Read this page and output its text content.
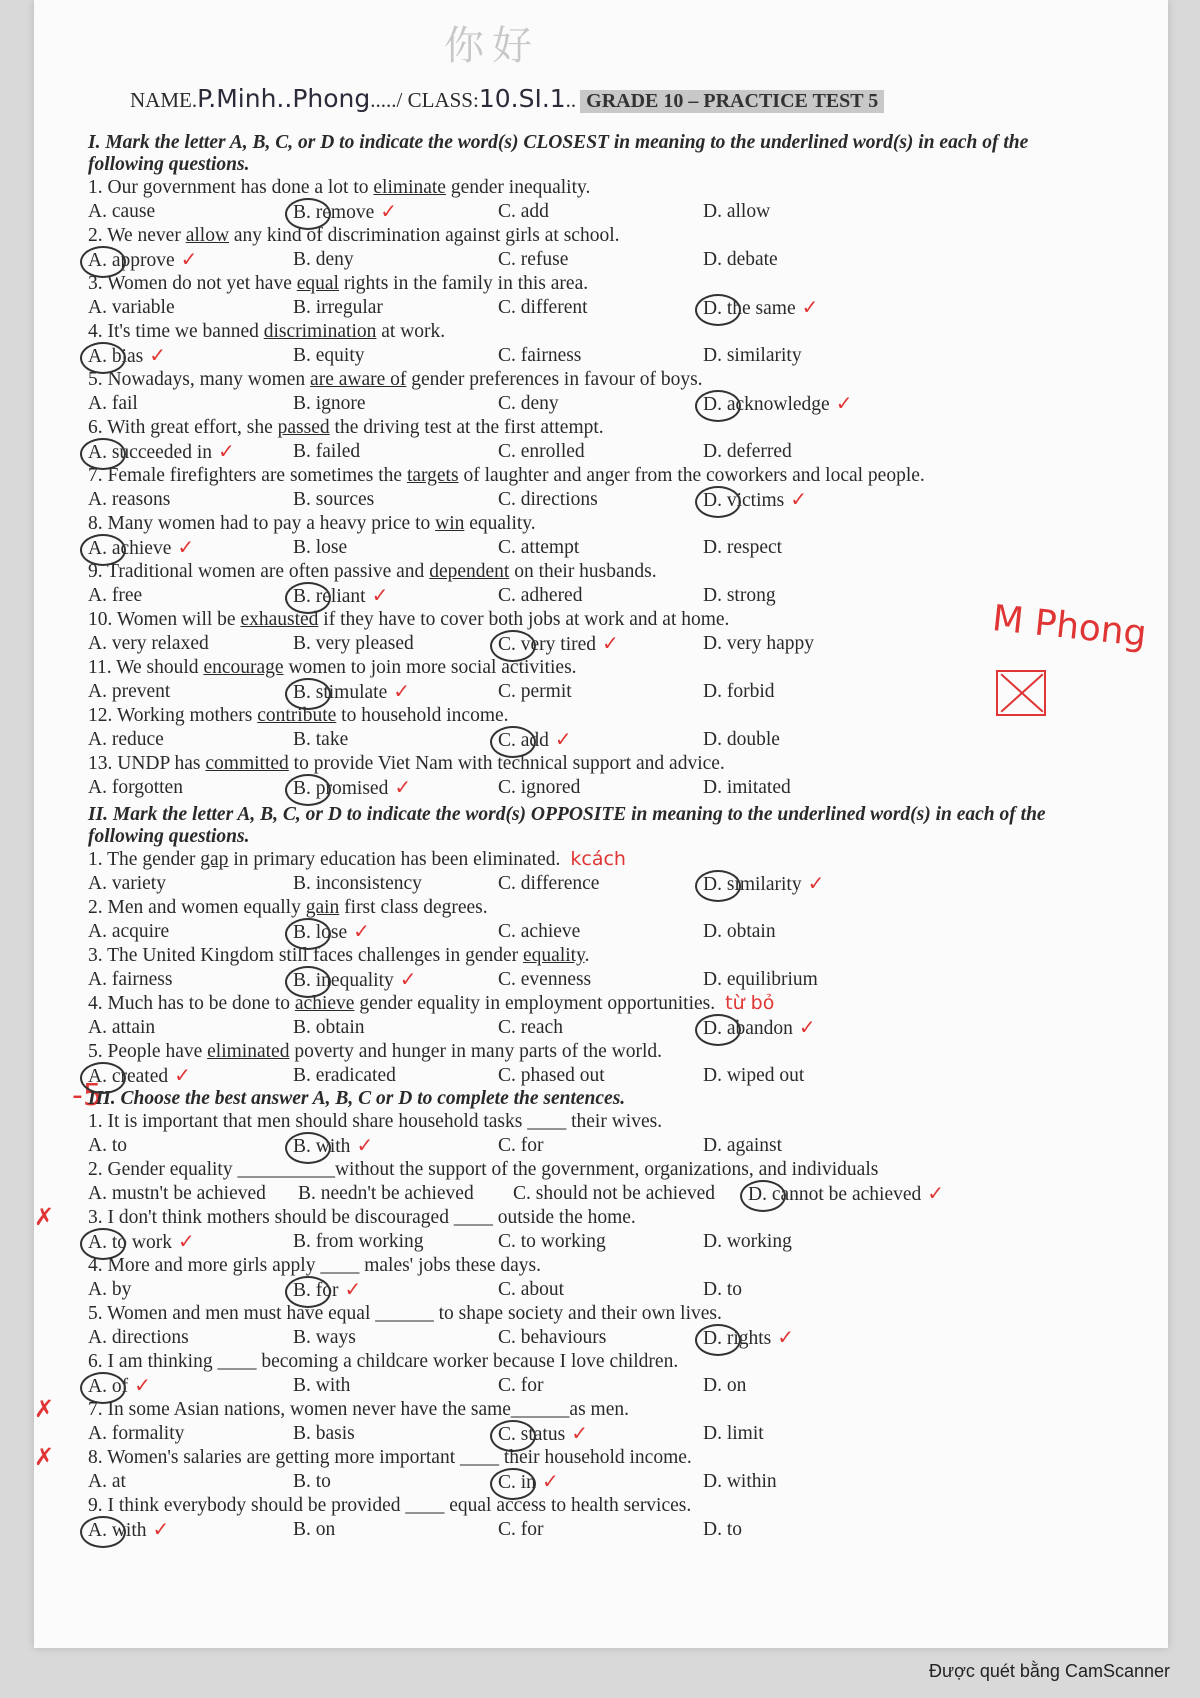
你好
NAME.P.Minh..Phong...../ CLASS:10.SI.1.. GRADE 10 – PRACTICE TEST 5
M Phong
-5
I. Mark the letter A, B, C, or D to indicate the word(s) CLOSEST in meaning to the underlined word(s) in each of the following questions.
1. Our government has done a lot to eliminate gender inequality.
A. cause	B. remove ✓	C. add	D. allow
2. We never allow any kind of discrimination against girls at school.
A. approve ✓	B. deny	C. refuse	D. debate
3. Women do not yet have equal rights in the family in this area.
A. variable	B. irregular	C. different	D. the same ✓
4. It's time we banned discrimination at work.
A. bias ✓	B. equity	C. fairness	D. similarity
5. Nowadays, many women are aware of gender preferences in favour of boys.
A. fail	B. ignore	C. deny	D. acknowledge ✓
6. With great effort, she passed the driving test at the first attempt.
A. succeeded in ✓	B. failed	C. enrolled	D. deferred
7. Female firefighters are sometimes the targets of laughter and anger from the coworkers and local people.
A. reasons	B. sources	C. directions	D. victims ✓
8. Many women had to pay a heavy price to win equality.
A. achieve ✓	B. lose	C. attempt	D. respect
9. Traditional women are often passive and dependent on their husbands.
A. free	B. reliant ✓	C. adhered	D. strong
10. Women will be exhausted if they have to cover both jobs at work and at home.
A. very relaxed	B. very pleased	C. very tired ✓	D. very happy
11. We should encourage women to join more social activities.
A. prevent	B. stimulate ✓	C. permit	D. forbid
12. Working mothers contribute to household income.
A. reduce	B. take	C. add ✓	D. double
13. UNDP has committed to provide Viet Nam with technical support and advice.
A. forgotten	B. promised ✓	C. ignored	D. imitated
II. Mark the letter A, B, C, or D to indicate the word(s) OPPOSITE in meaning to the underlined word(s) in each of the following questions.
1. The gender gap in primary education has been eliminated. kcách
A. variety	B. inconsistency	C. difference	D. similarity ✓
2. Men and women equally gain first class degrees.
A. acquire	B. lose ✓	C. achieve	D. obtain
3. The United Kingdom still faces challenges in gender equality.
A. fairness	B. inequality ✓	C. evenness	D. equilibrium
4. Much has to be done to achieve gender equality in employment opportunities. từ bỏ
A. attain	B. obtain	C. reach	D. abandon ✓
5. People have eliminated poverty and hunger in many parts of the world.
A. created ✓	B. eradicated	C. phased out	D. wiped out
III. Choose the best answer A, B, C or D to complete the sentences.
1. It is important that men should share household tasks ____ their wives.
A. to	B. with ✓	C. for	D. against
2. Gender equality __________without the support of the government, organizations, and individuals
A. mustn't be achieved	B. needn't be achieved	C. should not be achieved	D. cannot be achieved ✓
✗ 3. I don't think mothers should be discouraged ____ outside the home.
A. to work ✓	B. from working	C. to working	D. working
4. More and more girls apply ____ males' jobs these days.
A. by	B. for ✓	C. about	D. to
5. Women and men must have equal ______ to shape society and their own lives.
A. directions	B. ways	C. behaviours	D. rights ✓
6. I am thinking ____ becoming a childcare worker because I love children.
A. of ✓	B. with	C. for	D. on
✗ 7. In some Asian nations, women never have the same______as men.
A. formality	B. basis	C. status ✓	D. limit
✗ 8. Women's salaries are getting more important ____ their household income.
A. at	B. to	C. in ✓	D. within
9. I think everybody should be provided ____ equal access to health services.
A. with ✓	B. on	C. for	D. to
Được quét bằng CamScanner
